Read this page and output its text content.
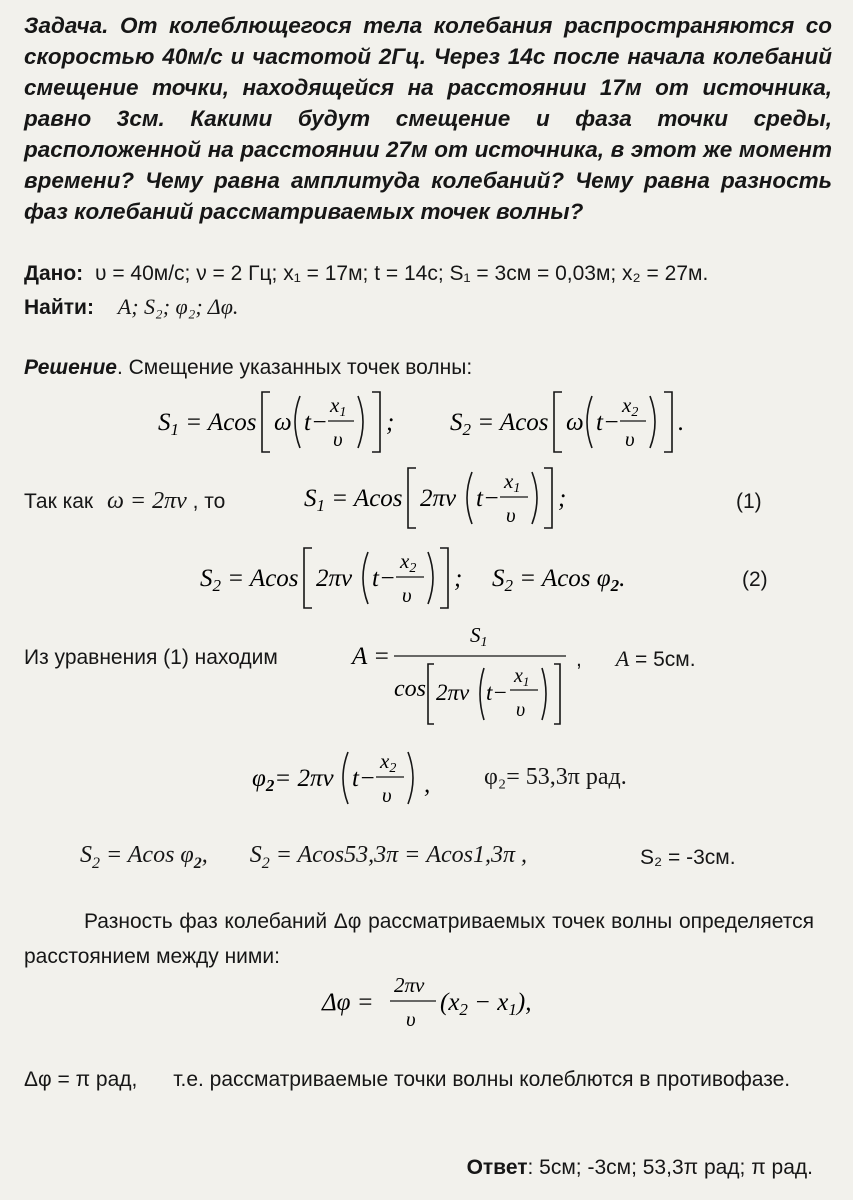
Задача. От колеблющегося тела колебания распространяются со скоростью 40м/с и частотой 2Гц. Через 14с после начала колебаний смещение точки, находящейся на расстоянии 17м от источника, равно 3см. Какими будут смещение и фаза точки среды, расположенной на расстоянии 27м от источника, в этот же момент времени? Чему равна амплитуда колебаний? Чему равна разность фаз колебаний рассматриваемых точек волны?
Дано: υ = 40м/с; ν = 2 Гц; x₁ = 17м; t = 14с; S₁ = 3см = 0,03м; x₂ = 27м.
Найти: A; S₂; φ₂; Δφ.
Решение. Смещение указанных точек волны:
$S_1 = Acos$ ω t−
x1
υ
; $S_2 = Acos$ ω t−
x2
υ
.
Так как ω = 2πν , то	$S_1 = Acos$ 2πν t−
x1
υ
;	(1)
$S_2 = Acos$ 2πν t−
x2
υ
; $S_2 = Acos$ $\varphi_2$.	(2)
Из уравнения (1) находим	A =
S1
cos 2πν t−
$x_1$
υ
, A = 5см.
$\varphi_2= 2\pi\nu$ t−
x2
υ , φ₂= 53,3π рад.
$S_2 = Acos$ $\varphi_2$, $S_2 = Acos53,3\pi = Acos1,3\pi$ ,	S₂ = -3см.
Разность фаз колебаний Δφ рассматриваемых точек волны определяется расстоянием между ними:
Δφ =
2πν
υ
$(x_2 - x_1)$,
Δφ = π рад, т.е. рассматриваемые точки волны колеблются в противофазе.
Ответ: 5см; -3см; 53,3π рад; π рад.
